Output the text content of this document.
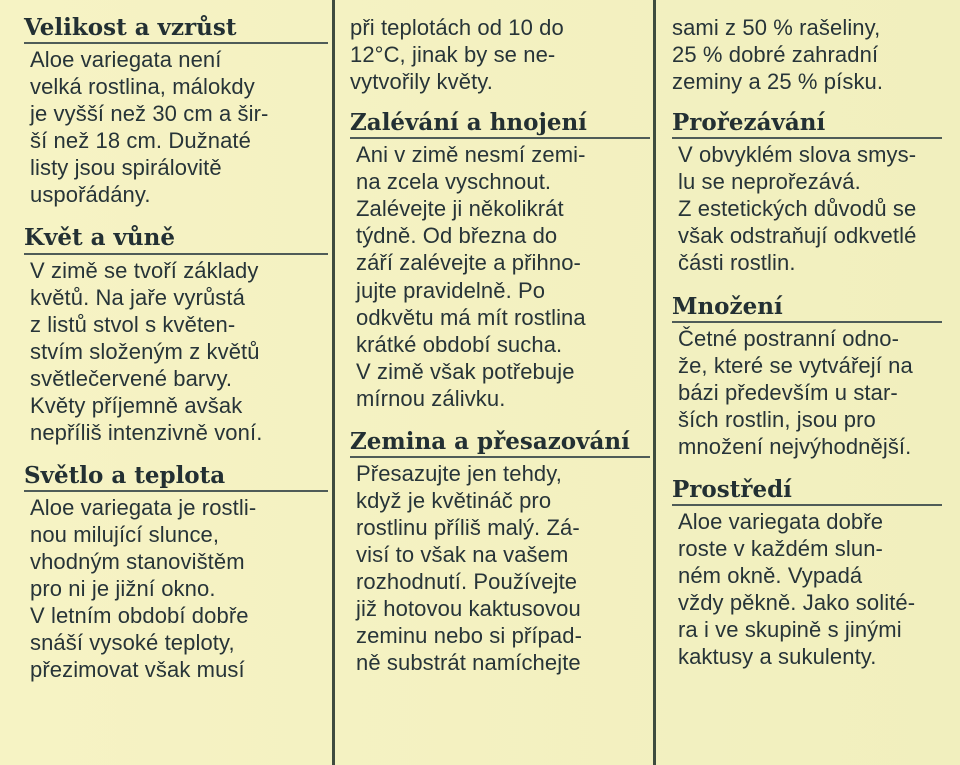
Velikost a vzrůst
Aloe variegata není
velká rostlina, málokdy
je vyšší než 30 cm a šir-
ší než 18 cm. Dužnaté
listy jsou spirálovitě
uspořádány.
Květ a vůně
V zimě se tvoří základy
květů. Na jaře vyrůstá
z listů stvol s květen-
stvím složeným z květů
světlečervené barvy.
Květy příjemně avšak
nepříliš intenzivně voní.
Světlo a teplota
Aloe variegata je rostli-
nou milující slunce,
vhodným stanovištěm
pro ni je jižní okno.
V letním období dobře
snáší vysoké teploty,
přezimovat však musí
při teplotách od 10 do
12°C, jinak by se ne-
vytvořily květy.
Zalévání a hnojení
Ani v zimě nesmí zemi-
na zcela vyschnout.
Zalévejte ji několikrát
týdně. Od března do
září zalévejte a přihno-
jujte pravidelně. Po
odkvětu má mít rostlina
krátké období sucha.
V zimě však potřebuje
mírnou zálivku.
Zemina a přesazování
Přesazujte jen tehdy,
když je květináč pro
rostlinu příliš malý. Zá-
visí to však na vašem
rozhodnutí. Používejte
již hotovou kaktusovou
zeminu nebo si případ-
ně substrát namíchejte
sami z 50 % rašeliny,
25 % dobré zahradní
zeminy a 25 % písku.
Prořezávání
V obvyklém slova smys-
lu se neprořezává.
Z estetických důvodů se
však odstraňují odkvetlé
části rostlin.
Množení
Četné postranní odno-
že, které se vytvářejí na
bázi především u star-
ších rostlin, jsou pro
množení nejvýhodnější.
Prostředí
Aloe variegata dobře
roste v každém slun-
ném okně. Vypadá
vždy pěkně. Jako solité-
ra i ve skupině s jinými
kaktusy a sukulenty.
